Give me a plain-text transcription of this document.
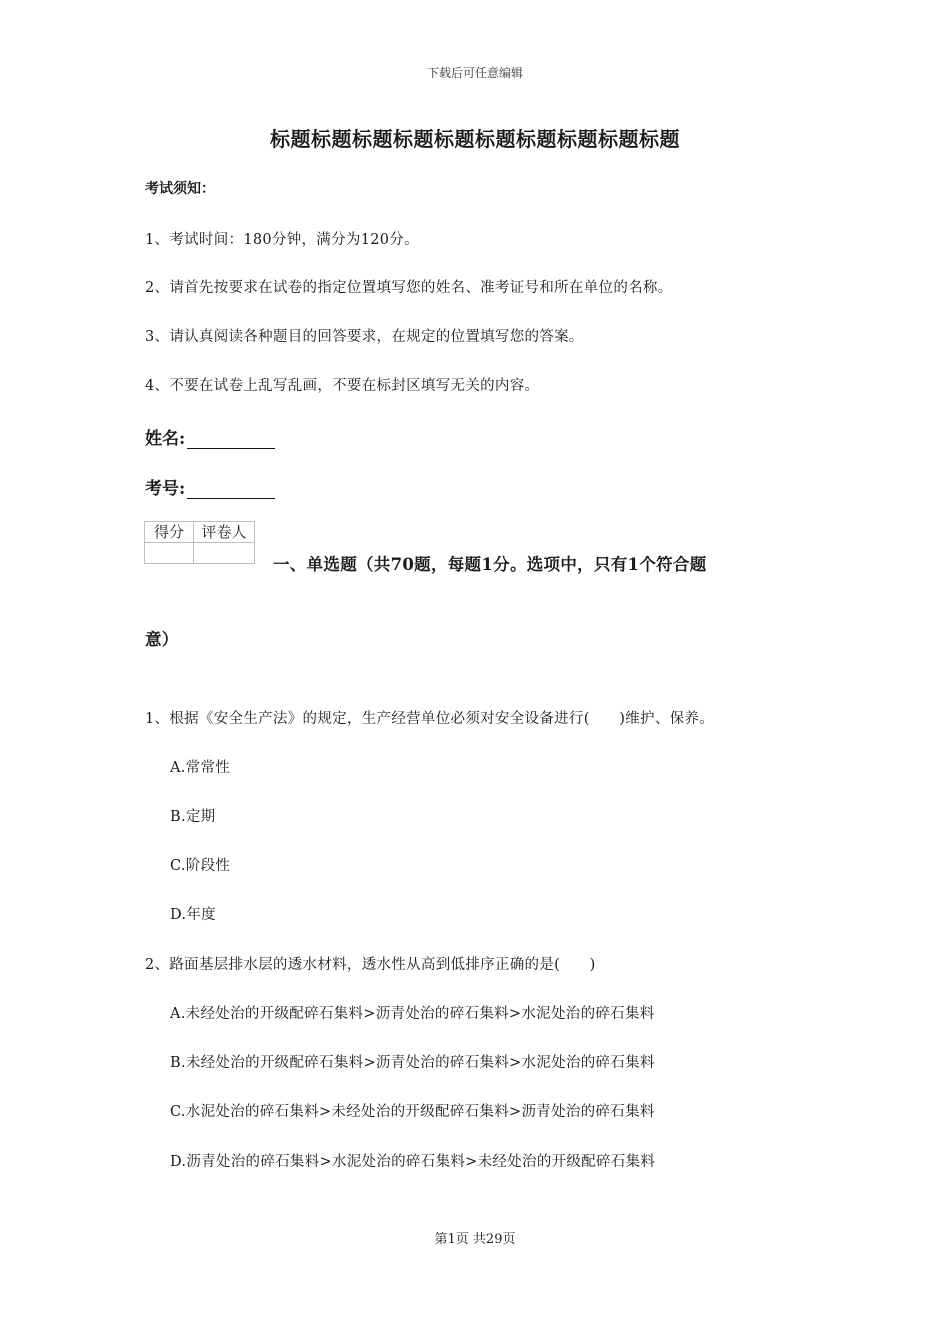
下载后可任意编辑
标题标题标题标题标题标题标题标题标题标题
考试须知：
1、考试时间：180分钟，满分为120分。
2、请首先按要求在试卷的指定位置填写您的姓名、准考证号和所在单位的名称。
3、请认真阅读各种题目的回答要求，在规定的位置填写您的答案。
4、不要在试卷上乱写乱画，不要在标封区填写无关的内容。
姓名:
考号:
得分	评卷人

一、单选题（共70题，每题1分。选项中，只有1个符合题
意）
1、根据《安全生产法》的规定，生产经营单位必须对安全设备进行(　　)维护、保养。
A.常常性
B.定期
C.阶段性
D.年度
2、路面基层排水层的透水材料，透水性从高到低排序正确的是(　　)
A.未经处治的开级配碎石集料>沥青处治的碎石集料>水泥处治的碎石集料
B.未经处治的开级配碎石集料>沥青处治的碎石集料>水泥处治的碎石集料
C.水泥处治的碎石集料>未经处治的开级配碎石集料>沥青处治的碎石集料
D.沥青处治的碎石集料>水泥处治的碎石集料>未经处治的开级配碎石集料
第1页 共29页
